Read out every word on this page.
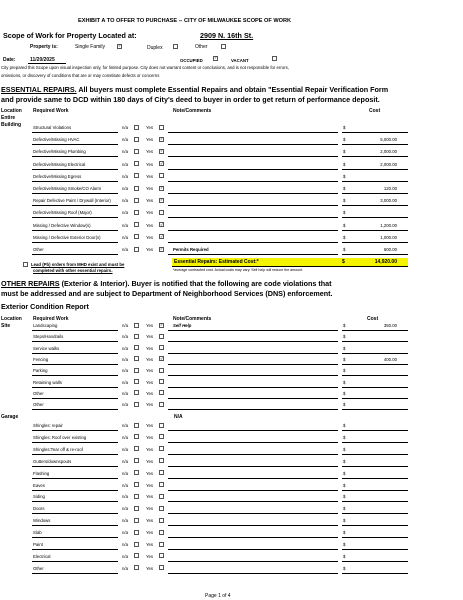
EXHIBIT A TO OFFER TO PURCHASE -- CITY OF MILWAUKEE SCOPE OF WORK
Scope of Work for Property Located at:	2909 N. 16th St.
Property is:	Single Family ✓	Duplex	Other
Date:	11/20/2025	OCCUPIED ✓	VACANT
City prepared this Scope upon visual inspection only, for limited purpose. City does not warrant content or conclusions, and is not responsible for errors,
omissions, or discovery of conditions that are or may constitute defects or concerns
ESSENTIAL REPAIRS. All buyers must complete Essential Repairs and obtain "Essential Repair Verification Form
and provide same to DCD within 180 days of City's deed to buyer in order to get return of performance deposit.
Location Required Work	Note/Comments	Cost
Entire
Building	Structural Violations	n/a	Yes	$
Defective/Missing HVAC	n/a	Yes ✓	$	5,000.00
Defective/Missing Plumbing	n/a	Yes ✓	$	2,000.00
Defective/Missing Electrical	n/a	Yes ✓	$	2,000.00
Defective/Missing Egress	n/a	Yes	$
Defective/Missing Smoke/CO Alarm	n/a	Yes ✓	$	120.00
Repair Defective Paint / Drywall (Interior)	n/a	Yes ✓	$	3,000.00
Defective/Missing Roof (Major)	n/a	Yes	$
Missing / Defective Window(s)	n/a	Yes ✓	$	1,200.00
Missing / Defective Exterior Door(s)	n/a	Yes ✓	$	1,000.00
Other	n/a	Yes ✓	Permits Required	$	600.00
Lead (Pb) orders from MHD exist and must be
completed with other essential repairs.
Essential Repairs: Estimated Cost:*	$	14,920.00
*average contracted cost. Actual costs may vary. Self help will reduce the amount.
OTHER REPAIRS (Exterior & Interior). Buyer is notified that the following are code violations that
must be addressed and are subject to Department of Neighborhood Services (DNS) enforcement.
Exterior Condition Report
Location Required Work	Note/Comments	Cost
Site	Landscaping	n/a	Yes ✓	Self Help	$	350.00
Steps/Handrails	n/a	Yes	$
Service walks	n/a	Yes	$
Fencing	n/a	Yes ✓	$	400.00
Parking	n/a	Yes	$
Retaining walls	n/a	Yes	$
Other	n/a	Yes	$
Other	n/a	Yes	$
Garage	N/A
Shingles: repair	n/a	Yes	$
Shingles: Roof over existing	n/a	Yes	$
Shingles:Tear off & re-roof	n/a	Yes	$
Gutters/downspouts	n/a	Yes	$
Flashing	n/a	Yes	$
Eaves	n/a	Yes	$
Siding	n/a	Yes	$
Doors	n/a	Yes	$
Windows	n/a	Yes	$
Slab	n/a	Yes	$
Paint	n/a	Yes	$
Electrical	n/a	Yes	$
Other	n/a	Yes	$
Page 1 of 4
